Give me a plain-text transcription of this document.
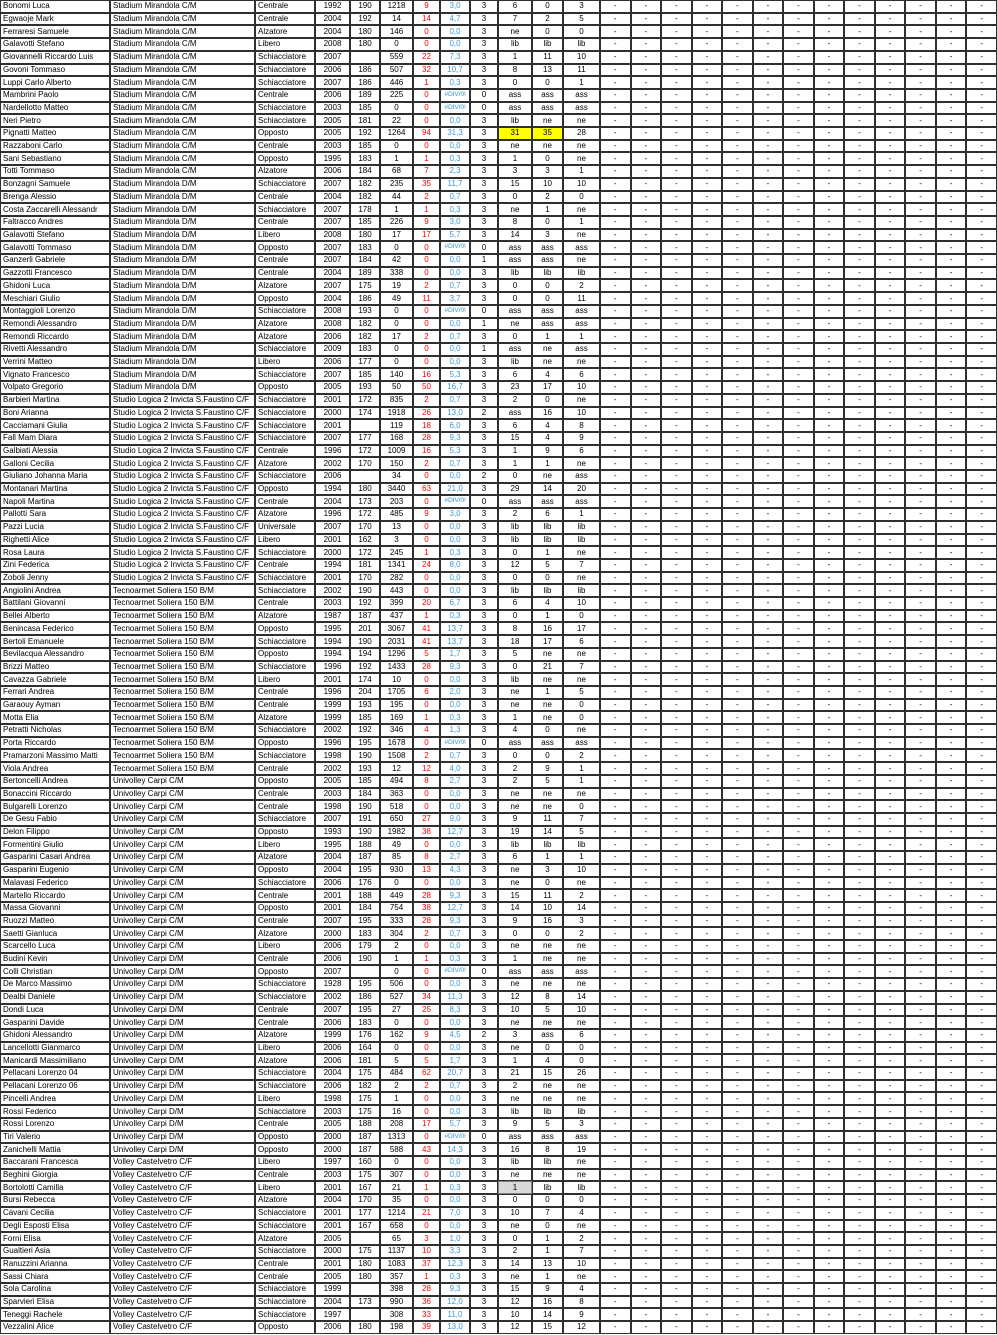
Bonomi Luca	Stadium Mirandola C/M	Centrale	1992	190	1218	9	3,0	3	6	0	3	-	-	-	-	-	-	-	-	-	-	-	-	-
Egwaoje Mark	Stadium Mirandola C/M	Centrale	2004	192	14	14	4,7	3	7	2	5	-	-	-	-	-	-	-	-	-	-	-	-	-
Ferraresi Samuele	Stadium Mirandola C/M	Alzatore	2004	180	146	0	0,0	3	ne	0	0	-	-	-	-	-	-	-	-	-	-	-	-	-
Galavotti Stefano	Stadium Mirandola C/M	Libero	2008	180	0	0	0,0	3	lib	lib	lib	-	-	-	-	-	-	-	-	-	-	-	-	-
Giovannelli Riccardo Luis	Stadium Mirandola C/M	Schiacciatore	2007		559	22	7,3	3	1	11	10	-	-	-	-	-	-	-	-	-	-	-	-	-
Govoni Tommaso	Stadium Mirandola C/M	Schiacciatore	2006	186	507	32	10,7	3	8	13	11	-	-	-	-	-	-	-	-	-	-	-	-	-
Luppi Carlo Alberto	Stadium Mirandola C/M	Schiacciatore	2007	186	446	1	0,3	3	0	0	1	-	-	-	-	-	-	-	-	-	-	-	-	-
Mambrini Paolo	Stadium Mirandola C/M	Centrale	2006	189	225	0	#DIV/0!	0	ass	ass	ass	-	-	-	-	-	-	-	-	-	-	-	-	-
Nardellotto Matteo	Stadium Mirandola C/M	Schiacciatore	2003	185	0	0	#DIV/0!	0	ass	ass	ass	-	-	-	-	-	-	-	-	-	-	-	-	-
Neri Pietro	Stadium Mirandola C/M	Schiacciatore	2005	181	22	0	0,0	3	lib	ne	ne	-	-	-	-	-	-	-	-	-	-	-	-	-
Pignatti Matteo	Stadium Mirandola C/M	Opposto	2005	192	1264	94	31,3	3	31	35	28	-	-	-	-	-	-	-	-	-	-	-	-	-
Razzaboni Carlo	Stadium Mirandola C/M	Centrale	2003	185	0	0	0,0	3	ne	ne	ne	-	-	-	-	-	-	-	-	-	-	-	-	-
Sani Sebastiano	Stadium Mirandola C/M	Opposto	1995	183	1	1	0,3	3	1	0	ne	-	-	-	-	-	-	-	-	-	-	-	-	-
Totti Tommaso	Stadium Mirandola C/M	Alzatore	2006	184	68	7	2,3	3	3	3	1	-	-	-	-	-	-	-	-	-	-	-	-	-
Bonzagni Samuele	Stadium Mirandola D/M	Schiacciatore	2007	182	235	35	11,7	3	15	10	10	-	-	-	-	-	-	-	-	-	-	-	-	-
Brenga Alessio	Stadium Mirandola D/M	Centrale	2004	182	44	2	0,7	3	0	2	0	-	-	-	-	-	-	-	-	-	-	-	-	-
Costa Zaccarelli Alessandr	Stadium Mirandola D/M	Schiacciatore	2007	178	1	1	0,3	3	ne	1	ne	-	-	-	-	-	-	-	-	-	-	-	-	-
Faltracco Andres	Stadium Mirandola D/M	Centrale	2007	185	226	9	3,0	3	8	0	1	-	-	-	-	-	-	-	-	-	-	-	-	-
Galavotti Stefano	Stadium Mirandola D/M	Libero	2008	180	17	17	5,7	3	14	3	ne	-	-	-	-	-	-	-	-	-	-	-	-	-
Galavotti Tommaso	Stadium Mirandola D/M	Opposto	2007	183	0	0	#DIV/0!	0	ass	ass	ass	-	-	-	-	-	-	-	-	-	-	-	-	-
Ganzerli Gabriele	Stadium Mirandola D/M	Centrale	2007	184	42	0	0,0	1	ass	ass	ne	-	-	-	-	-	-	-	-	-	-	-	-	-
Gazzotti Francesco	Stadium Mirandola D/M	Centrale	2004	189	338	0	0,0	3	lib	lib	lib	-	-	-	-	-	-	-	-	-	-	-	-	-
Ghidoni Luca	Stadium Mirandola D/M	Alzatore	2007	175	19	2	0,7	3	0	0	2	-	-	-	-	-	-	-	-	-	-	-	-	-
Meschiari Giulio	Stadium Mirandola D/M	Opposto	2004	186	49	11	3,7	3	0	0	11	-	-	-	-	-	-	-	-	-	-	-	-	-
Montaggioli Lorenzo	Stadium Mirandola D/M	Schiacciatore	2008	193	0	0	#DIV/0!	0	ass	ass	ass	-	-	-	-	-	-	-	-	-	-	-	-	-
Remondi Alessandro	Stadium Mirandola D/M	Alzatore	2008	182	0	0	0,0	1	ne	ass	ass	-	-	-	-	-	-	-	-	-	-	-	-	-
Remondi Riccardo	Stadium Mirandola D/M	Alzatore	2006	182	17	2	0,7	3	0	1	1	-	-	-	-	-	-	-	-	-	-	-	-	-
Rivetti Alessandro	Stadium Mirandola D/M	Schiacciatore	2009	183	0	0	0,0	1	ass	ne	ass	-	-	-	-	-	-	-	-	-	-	-	-	-
Verrini Matteo	Stadium Mirandola D/M	Libero	2006	177	0	0	0,0	3	lib	ne	ne	-	-	-	-	-	-	-	-	-	-	-	-	-
Vignato Francesco	Stadium Mirandola D/M	Schiacciatore	2007	185	140	16	5,3	3	6	4	6	-	-	-	-	-	-	-	-	-	-	-	-	-
Volpato Gregorio	Stadium Mirandola D/M	Opposto	2005	193	50	50	16,7	3	23	17	10	-	-	-	-	-	-	-	-	-	-	-	-	-
Barbieri Martina	Studio Logica 2 Invicta S.Faustino C/F	Schiacciatore	2001	172	835	2	0,7	3	2	0	ne	-	-	-	-	-	-	-	-	-	-	-	-	-
Boni Arianna	Studio Logica 2 Invicta S.Faustino C/F	Schiacciatore	2000	174	1918	26	13,0	2	ass	16	10	-	-	-	-	-	-	-	-	-	-	-	-	-
Cacciamani Giulia	Studio Logica 2 Invicta S.Faustino C/F	Schiacciatore	2001		119	18	6,0	3	6	4	8	-	-	-	-	-	-	-	-	-	-	-	-	-
Fall Mam Diara	Studio Logica 2 Invicta S.Faustino C/F	Schiacciatore	2007	177	168	28	9,3	3	15	4	9	-	-	-	-	-	-	-	-	-	-	-	-	-
Galbiati Alessia	Studio Logica 2 Invicta S.Faustino C/F	Centrale	1996	172	1009	16	5,3	3	1	9	6	-	-	-	-	-	-	-	-	-	-	-	-	-
Galloni Cecilia	Studio Logica 2 Invicta S.Faustino C/F	Alzatore	2002	170	150	2	0,7	3	1	1	ne	-	-	-	-	-	-	-	-	-	-	-	-	-
Giuliano Johanna Maria	Studio Logica 2 Invicta S.Faustino C/F	Schiacciatore	2006		34	0	0,0	2	0	ne	ass	-	-	-	-	-	-	-	-	-	-	-	-	-
Montanari Martina	Studio Logica 2 Invicta S.Faustino C/F	Opposto	1994	180	3440	63	21,0	3	29	14	20	-	-	-	-	-	-	-	-	-	-	-	-	-
Napoli Martina	Studio Logica 2 Invicta S.Faustino C/F	Centrale	2004	173	203	0	#DIV/0!	0	ass	ass	ass	-	-	-	-	-	-	-	-	-	-	-	-	-
Pallotti Sara	Studio Logica 2 Invicta S.Faustino C/F	Alzatore	1996	172	485	9	3,0	3	2	6	1	-	-	-	-	-	-	-	-	-	-	-	-	-
Pazzi Lucia	Studio Logica 2 Invicta S.Faustino C/F	Universale	2007	170	13	0	0,0	3	lib	lib	lib	-	-	-	-	-	-	-	-	-	-	-	-	-
Righetti Alice	Studio Logica 2 Invicta S.Faustino C/F	Libero	2001	162	3	0	0,0	3	lib	lib	lib	-	-	-	-	-	-	-	-	-	-	-	-	-
Rosa Laura	Studio Logica 2 Invicta S.Faustino C/F	Schiacciatore	2000	172	245	1	0,3	3	0	1	ne	-	-	-	-	-	-	-	-	-	-	-	-	-
Zini Federica	Studio Logica 2 Invicta S.Faustino C/F	Centrale	1994	181	1341	24	8,0	3	12	5	7	-	-	-	-	-	-	-	-	-	-	-	-	-
Zoboli Jenny	Studio Logica 2 Invicta S.Faustino C/F	Schiacciatore	2001	170	282	0	0,0	3	0	0	ne	-	-	-	-	-	-	-	-	-	-	-	-	-
Angiolini Andrea	Tecnoarmet Soliera 150 B/M	Schiacciatore	2002	190	443	0	0,0	3	lib	lib	lib	-	-	-	-	-	-	-	-	-	-	-	-	-
Battilani Giovanni	Tecnoarmet Soliera 150 B/M	Centrale	2003	192	399	20	6,7	3	6	4	10	-	-	-	-	-	-	-	-	-	-	-	-	-
Bellei Alberto	Tecnoarmet Soliera 150 B/M	Alzatore	1987	187	437	1	0,3	3	0	1	0	-	-	-	-	-	-	-	-	-	-	-	-	-
Benincasa Federico	Tecnoarmet Soliera 150 B/M	Opposto	1995	201	3067	41	13,7	3	8	16	17	-	-	-	-	-	-	-	-	-	-	-	-	-
Bertoli Emanuele	Tecnoarmet Soliera 150 B/M	Schiacciatore	1994	190	2031	41	13,7	3	18	17	6	-	-	-	-	-	-	-	-	-	-	-	-	-
Bevilacqua Alessandro	Tecnoarmet Soliera 150 B/M	Opposto	1994	194	1296	5	1,7	3	5	ne	ne	-	-	-	-	-	-	-	-	-	-	-	-	-
Brizzi Matteo	Tecnoarmet Soliera 150 B/M	Schiacciatore	1996	192	1433	28	9,3	3	0	21	7	-	-	-	-	-	-	-	-	-	-	-	-	-
Cavazza Gabriele	Tecnoarmet Soliera 150 B/M	Libero	2001	174	10	0	0,0	3	lib	ne	ne	-	-	-	-	-	-	-	-	-	-	-	-	-
Ferrari Andrea	Tecnoarmet Soliera 150 B/M	Centrale	1996	204	1705	6	2,0	3	ne	1	5	-	-	-	-	-	-	-	-	-	-	-	-	-
Garaouy Ayman	Tecnoarmet Soliera 150 B/M	Centrale	1999	193	195	0	0,0	3	ne	ne	0	-	-	-	-	-	-	-	-	-	-	-	-	-
Motta Elia	Tecnoarmet Soliera 150 B/M	Alzatore	1999	185	169	1	0,3	3	1	ne	0	-	-	-	-	-	-	-	-	-	-	-	-	-
Petratti Nicholas	Tecnoarmet Soliera 150 B/M	Schiacciatore	2002	192	346	4	1,3	3	4	0	ne	-	-	-	-	-	-	-	-	-	-	-	-	-
Porta Riccardo	Tecnoarmet Soliera 150 B/M	Opposto	1996	195	1678	0	#DIV/0!	0	ass	ass	ass	-	-	-	-	-	-	-	-	-	-	-	-	-
Pramarzoni Massimo Matti	Tecnoarmet Soliera 150 B/M	Schiacciatore	1998	190	1508	2	0,7	3	0	0	2	-	-	-	-	-	-	-	-	-	-	-	-	-
Viola Andrea	Tecnoarmet Soliera 150 B/M	Centrale	2002	193	12	12	4,0	3	2	9	1	-	-	-	-	-	-	-	-	-	-	-	-	-
Bertoncelli Andrea	Univolley Carpi C/M	Opposto	2005	185	494	8	2,7	3	2	5	1	-	-	-	-	-	-	-	-	-	-	-	-	-
Bonaccini Riccardo	Univolley Carpi C/M	Centrale	2003	184	363	0	0,0	3	ne	ne	ne	-	-	-	-	-	-	-	-	-	-	-	-	-
Bulgarelli Lorenzo	Univolley Carpi C/M	Centrale	1998	190	518	0	0,0	3	ne	ne	0	-	-	-	-	-	-	-	-	-	-	-	-	-
De Gesu Fabio	Univolley Carpi C/M	Schiacciatore	2007	191	650	27	9,0	3	9	11	7	-	-	-	-	-	-	-	-	-	-	-	-	-
Delon Filippo	Univolley Carpi C/M	Opposto	1993	190	1982	38	12,7	3	19	14	5	-	-	-	-	-	-	-	-	-	-	-	-	-
Formentini Giulio	Univolley Carpi C/M	Libero	1995	188	49	0	0,0	3	lib	lib	lib	-	-	-	-	-	-	-	-	-	-	-	-	-
Gasparini Casari Andrea	Univolley Carpi C/M	Alzatore	2004	187	85	8	2,7	3	6	1	1	-	-	-	-	-	-	-	-	-	-	-	-	-
Gasparini Eugenio	Univolley Carpi C/M	Opposto	2004	195	930	13	4,3	3	ne	3	10	-	-	-	-	-	-	-	-	-	-	-	-	-
Malavasi Federico	Univolley Carpi C/M	Schiacciatore	2006	176	0	0	0,0	3	ne	0	ne	-	-	-	-	-	-	-	-	-	-	-	-	-
Martello Riccardo	Univolley Carpi C/M	Centrale	2001	188	449	28	9,3	3	15	11	2	-	-	-	-	-	-	-	-	-	-	-	-	-
Massa Giovanni	Univolley Carpi C/M	Opposto	2001	184	754	38	12,7	3	14	10	14	-	-	-	-	-	-	-	-	-	-	-	-	-
Ruozzi Matteo	Univolley Carpi C/M	Centrale	2007	195	333	28	9,3	3	9	16	3	-	-	-	-	-	-	-	-	-	-	-	-	-
Saetti Gianluca	Univolley Carpi C/M	Alzatore	2000	183	304	2	0,7	3	0	0	2	-	-	-	-	-	-	-	-	-	-	-	-	-
Scarcello Luca	Univolley Carpi C/M	Libero	2006	179	2	0	0,0	3	ne	ne	ne	-	-	-	-	-	-	-	-	-	-	-	-	-
Budini Kevin	Univolley Carpi D/M	Centrale	2006	190	1	1	0,3	3	1	ne	ne	-	-	-	-	-	-	-	-	-	-	-	-	-
Colli Christian	Univolley Carpi D/M	Opposto	2007		0	0	#DIV/0!	0	ass	ass	ass	-	-	-	-	-	-	-	-	-	-	-	-	-
De Marco Massimo	Univolley Carpi D/M	Schiacciatore	1928	195	506	0	0,0	3	ne	ne	ne	-	-	-	-	-	-	-	-	-	-	-	-	-
Dealbi Daniele	Univolley Carpi D/M	Schiacciatore	2002	186	527	34	11,3	3	12	8	14	-	-	-	-	-	-	-	-	-	-	-	-	-
Dondi Luca	Univolley Carpi D/M	Centrale	2007	195	27	25	8,3	3	10	5	10	-	-	-	-	-	-	-	-	-	-	-	-	-
Gasparini Davide	Univolley Carpi D/M	Centrale	2006	183	0	0	0,0	3	ne	ne	ne	-	-	-	-	-	-	-	-	-	-	-	-	-
Ghidoni Alessandro	Univolley Carpi D/M	Alzatore	1999	176	162	9	4,5	2	3	ass	6	-	-	-	-	-	-	-	-	-	-	-	-	-
Lancellotti Gianmarco	Univolley Carpi D/M	Libero	2006	164	0	0	0,0	3	ne	0	0	-	-	-	-	-	-	-	-	-	-	-	-	-
Manicardi Massimiliano	Univolley Carpi D/M	Alzatore	2006	181	5	5	1,7	3	1	4	0	-	-	-	-	-	-	-	-	-	-	-	-	-
Pellacani Lorenzo 04	Univolley Carpi D/M	Schiacciatore	2004	175	484	62	20,7	3	21	15	26	-	-	-	-	-	-	-	-	-	-	-	-	-
Pellacani Lorenzo 06	Univolley Carpi D/M	Schiacciatore	2006	182	2	2	0,7	3	2	ne	ne	-	-	-	-	-	-	-	-	-	-	-	-	-
Pincelli Andrea	Univolley Carpi D/M	Libero	1998	175	1	0	0,0	3	ne	ne	ne	-	-	-	-	-	-	-	-	-	-	-	-	-
Rossi Federico	Univolley Carpi D/M	Schiacciatore	2003	175	16	0	0,0	3	lib	lib	lib	-	-	-	-	-	-	-	-	-	-	-	-	-
Rossi Lorenzo	Univolley Carpi D/M	Centrale	2005	188	208	17	5,7	3	9	5	3	-	-	-	-	-	-	-	-	-	-	-	-	-
Tiri Valerio	Univolley Carpi D/M	Opposto	2000	187	1313	0	#DIV/0!	0	ass	ass	ass	-	-	-	-	-	-	-	-	-	-	-	-	-
Zanichelli Mattia	Univolley Carpi D/M	Opposto	2000	187	588	43	14,3	3	16	8	19	-	-	-	-	-	-	-	-	-	-	-	-	-
Baccarani Francesca	Volley Castelvetro C/F	Libero	1997	160	0	0	0,0	3	lib	lib	ne	-	-	-	-	-	-	-	-	-	-	-	-	-
Beghini Giorgia	Volley Castelvetro C/F	Centrale	2003	175	307	0	0,0	3	ne	ne	ne	-	-	-	-	-	-	-	-	-	-	-	-	-
Bortolotti Camilla	Volley Castelvetro C/F	Libero	2001	167	21	1	0,3	3	1	lib	lib	-	-	-	-	-	-	-	-	-	-	-	-	-
Bursi Rebecca	Volley Castelvetro C/F	Alzatore	2004	170	35	0	0,0	3	0	0	0	-	-	-	-	-	-	-	-	-	-	-	-	-
Cavani Cecilia	Volley Castelvetro C/F	Schiacciatore	2001	177	1214	21	7,0	3	10	7	4	-	-	-	-	-	-	-	-	-	-	-	-	-
Degli Esposti Elisa	Volley Castelvetro C/F	Schiacciatore	2001	167	658	0	0,0	3	ne	0	ne	-	-	-	-	-	-	-	-	-	-	-	-	-
Forni Elisa	Volley Castelvetro C/F	Alzatore	2005		65	3	1,0	3	0	1	2	-	-	-	-	-	-	-	-	-	-	-	-	-
Gualtieri Asia	Volley Castelvetro C/F	Schiacciatore	2000	175	1137	10	3,3	3	2	1	7	-	-	-	-	-	-	-	-	-	-	-	-	-
Ranuzzini Arianna	Volley Castelvetro C/F	Centrale	2001	180	1083	37	12,3	3	14	13	10	-	-	-	-	-	-	-	-	-	-	-	-	-
Sassi Chiara	Volley Castelvetro C/F	Centrale	2005	180	357	1	0,3	3	ne	1	ne	-	-	-	-	-	-	-	-	-	-	-	-	-
Sola Carolina	Volley Castelvetro C/F	Schiacciatore	1999		398	28	9,3	3	15	9	4	-	-	-	-	-	-	-	-	-	-	-	-	-
Sparvieri Elisa	Volley Castelvetro C/F	Schiacciatore	2004	173	990	36	12,0	3	12	16	8	-	-	-	-	-	-	-	-	-	-	-	-	-
Teneggi Rachele	Volley Castelvetro C/F	Schiacciatore	1997		308	33	11,0	3	10	14	9	-	-	-	-	-	-	-	-	-	-	-	-	-
Vezzalini Alice	Volley Castelvetro C/F	Opposto	2006	180	198	39	13,0	3	12	15	12	-	-	-	-	-	-	-	-	-	-	-	-	-
